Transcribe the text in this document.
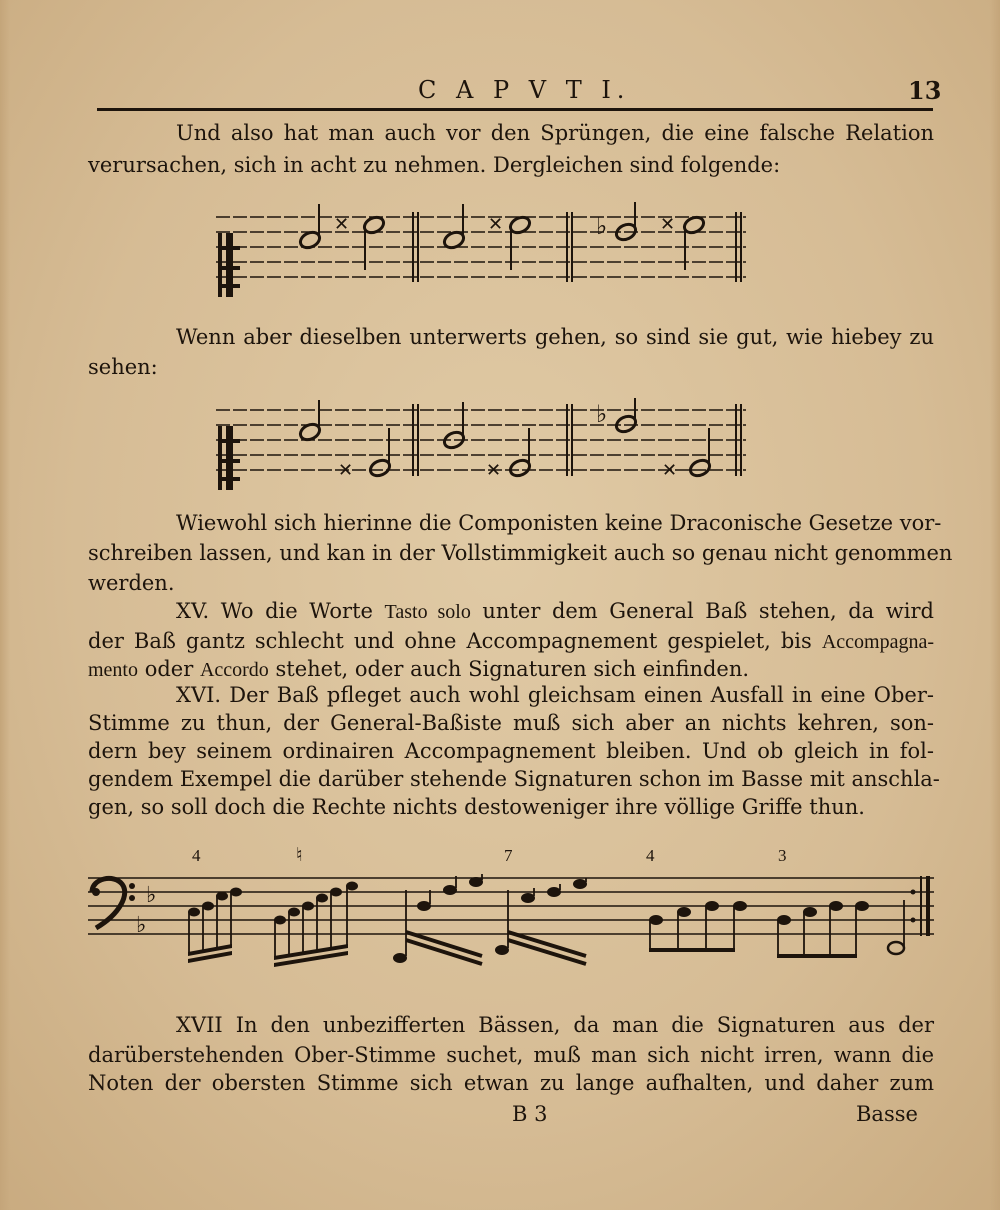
C A P V T I.	13
Und also hat man auch vor den Sprüngen, die eine falsche Relation
verursachen, sich in acht zu nehmen. Dergleichen sind folgende:
✕	✕	♭	✕
Wenn aber dieselben unterwerts gehen, so sind sie gut, wie hiebey zu
sehen:
✕	✕
♭
✕
Wiewohl sich hierinne die Componisten keine Draconische Gesetze vor-
schreiben lassen, und kan in der Vollstimmigkeit auch so genau nicht genommen
werden.
XV. Wo die Worte Tasto solo unter dem General Baß stehen, da wird
der Baß gantz schlecht und ohne Accompagnement gespielet, bis Accompagna-
mento oder Accordo stehet, oder auch Signaturen sich einfinden.
XVI. Der Baß pfleget auch wohl gleichsam einen Ausfall in eine Ober-
Stimme zu thun, der General-Baßiste muß sich aber an nichts kehren, son-
dern bey seinem ordinairen Accompagnement bleiben. Und ob gleich in fol-
gendem Exempel die darüber stehende Signaturen schon im Basse mit anschla-
gen, so soll doch die Rechte nichts destoweniger ihre völlige Griffe thun.
4	♮	7	4	3
♭
♭
XVII In den unbezifferten Bässen, da man die Signaturen aus der
darüberstehenden Ober-Stimme suchet, muß man sich nicht irren, wann die
Noten der obersten Stimme sich etwan zu lange aufhalten, und daher zum
B 3	Basse
